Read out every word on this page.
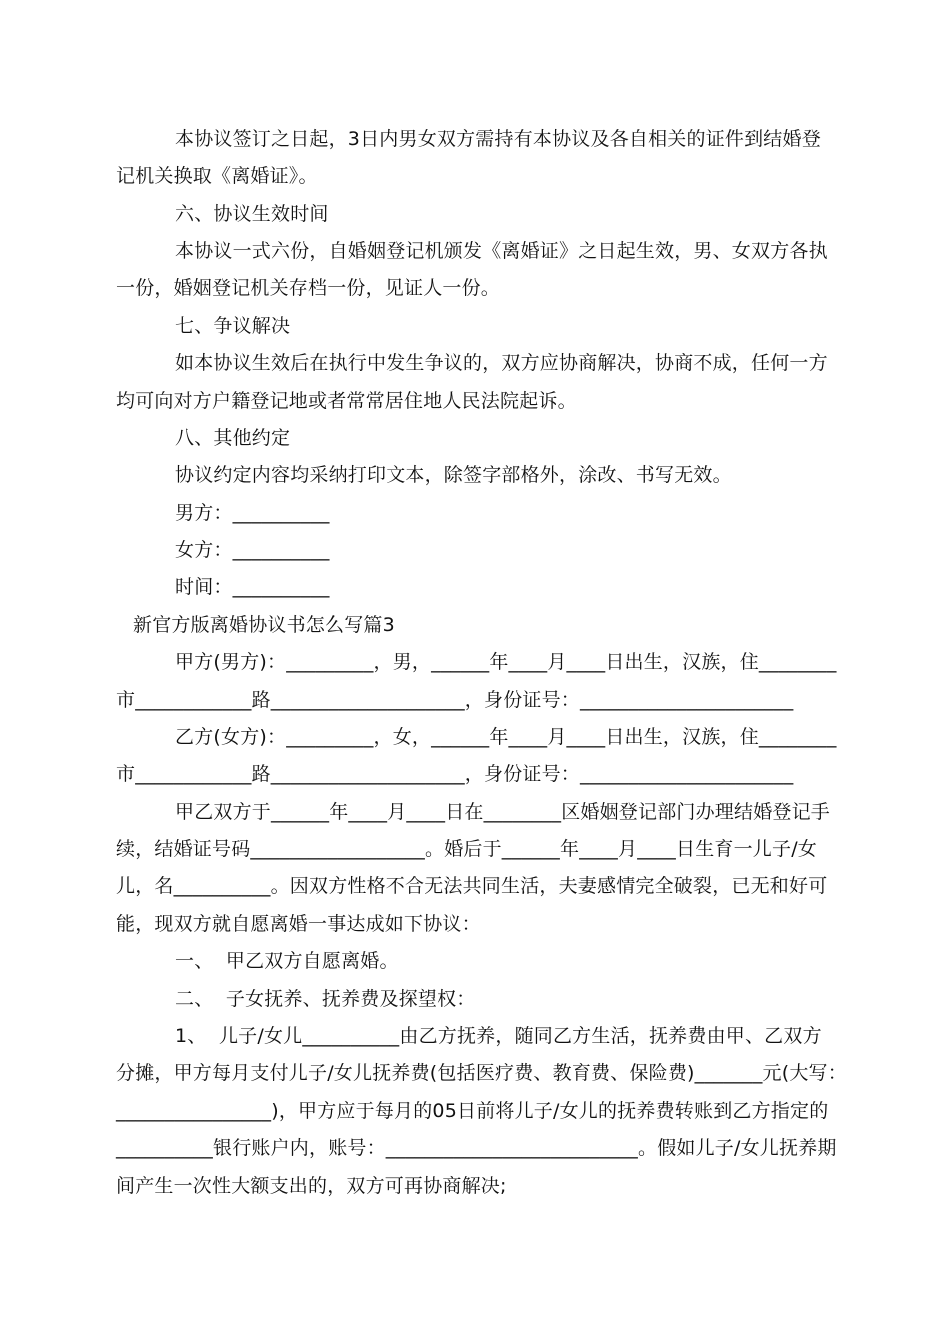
本协议签订之日起，3日内男女双方需持有本协议及各自相关的证件到结婚登
记机关换取《离婚证》。
六、协议生效时间
本协议一式六份，自婚姻登记机颁发《离婚证》之日起生效，男、女双方各执
一份，婚姻登记机关存档一份，见证人一份。
七、争议解决
如本协议生效后在执行中发生争议的，双方应协商解决，协商不成，任何一方
均可向对方户籍登记地或者常常居住地人民法院起诉。
八、其他约定
协议约定内容均采纳打印文本，除签字部格外，涂改、书写无效。
男方：__________
女方：__________
时间：__________
新官方版离婚协议书怎么写篇3
甲方(男方)：_________，男，______年____月____日出生，汉族，住________
市____________路____________________，身份证号：______________________
乙方(女方)：_________，女，______年____月____日出生，汉族，住________
市____________路____________________，身份证号：______________________
甲乙双方于______年____月____日在________区婚姻登记部门办理结婚登记手
续，结婚证号码__________________。婚后于______年____月____日生育一儿子/女
儿，名__________。因双方性格不合无法共同生活，夫妻感情完全破裂，已无和好可
能，现双方就自愿离婚一事达成如下协议：
一、  甲乙双方自愿离婚。
二、  子女抚养、抚养费及探望权：
1、  儿子/女儿__________由乙方抚养，随同乙方生活，抚养费由甲、乙双方
分摊，甲方每月支付儿子/女儿抚养费(包括医疗费、教育费、保险费)_______元(大写：
________________)，甲方应于每月的05日前将儿子/女儿的抚养费转账到乙方指定的
__________银行账户内，账号：__________________________。假如儿子/女儿抚养期
间产生一次性大额支出的，双方可再协商解决;
